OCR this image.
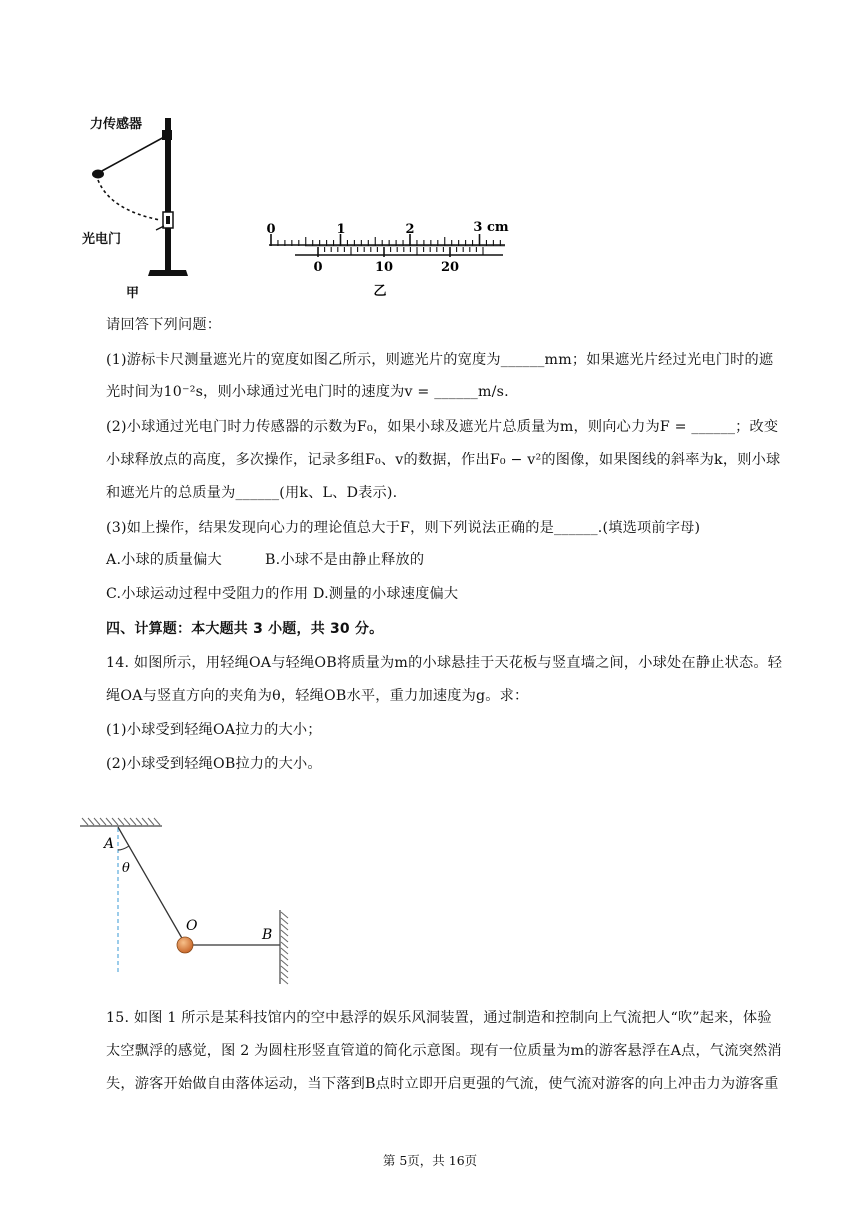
力传感器
光电门
甲
0	1	2	3 cm
0	10	20
乙
请回答下列问题：
(1)游标卡尺测量遮光片的宽度如图乙所示，则遮光片的宽度为______mm；如果遮光片经过光电门时的遮
光时间为10⁻²s，则小球通过光电门时的速度为v = ______m/s.
(2)小球通过光电门时力传感器的示数为F₀，如果小球及遮光片总质量为m，则向心力为F = ______；改变
小球释放点的高度，多次操作，记录多组F₀、v的数据，作出F₀ − v²的图像，如果图线的斜率为k，则小球
和遮光片的总质量为______(用k、L、D表示).
(3)如上操作，结果发现向心力的理论值总大于F，则下列说法正确的是______.(填选项前字母)
A.小球的质量偏大　　　B.小球不是由静止释放的
C.小球运动过程中受阻力的作用 D.测量的小球速度偏大
四、计算题：本大题共 3 小题，共 30 分。
14. 如图所示，用轻绳OA与轻绳OB将质量为m的小球悬挂于天花板与竖直墙之间，小球处在静止状态。轻
绳OA与竖直方向的夹角为θ，轻绳OB水平，重力加速度为g。求：
(1)小球受到轻绳OA拉力的大小；
(2)小球受到轻绳OB拉力的大小。
A
θ
O
B
15. 如图 1 所示是某科技馆内的空中悬浮的娱乐风洞装置，通过制造和控制向上气流把人“吹”起来，体验
太空飘浮的感觉，图 2 为圆柱形竖直管道的简化示意图。现有一位质量为m的游客悬浮在A点，气流突然消
失，游客开始做自由落体运动，当下落到B点时立即开启更强的气流，使气流对游客的向上冲击力为游客重
第 5页，共 16页
